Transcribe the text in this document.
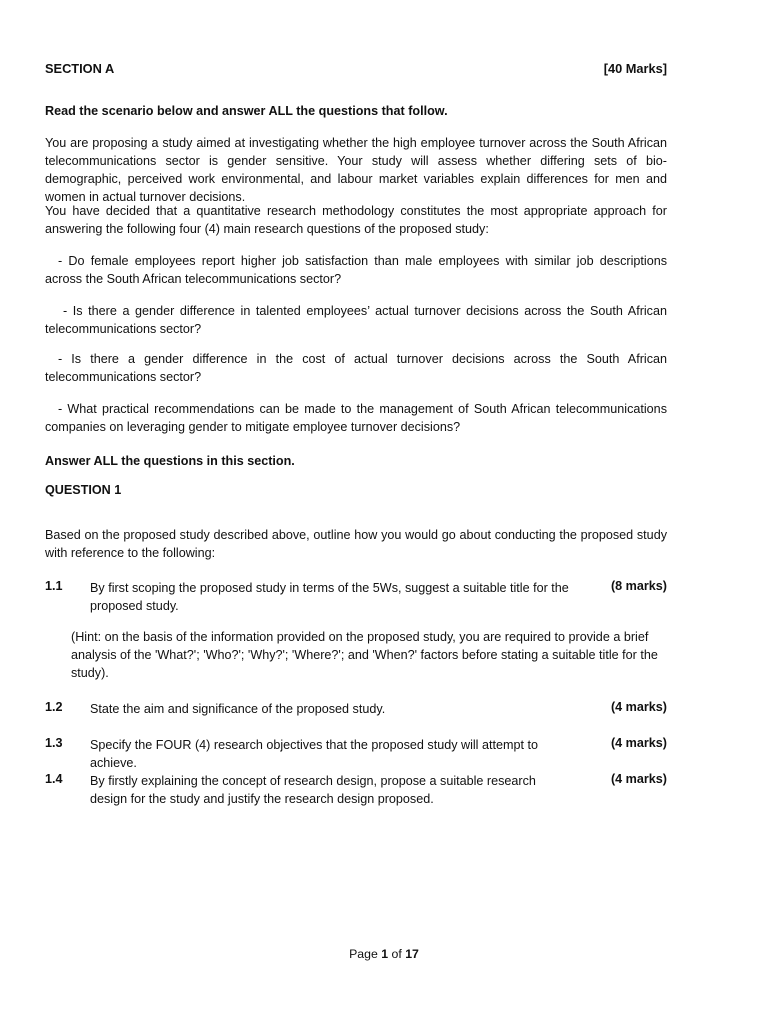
SECTION A	[40 Marks]

Read the scenario below and answer ALL the questions that follow.

You are proposing a study aimed at investigating whether the high employee turnover across the South African telecommunications sector is gender sensitive. Your study will assess whether differing sets of bio-demographic, perceived work environmental, and labour market variables explain differences for men and women in actual turnover decisions.

You have decided that a quantitative research methodology constitutes the most appropriate approach for answering the following four (4) main research questions of the proposed study:

- Do female employees report higher job satisfaction than male employees with similar job descriptions across the South African telecommunications sector?

- Is there a gender difference in talented employees’ actual turnover decisions across the South African telecommunications sector?

- Is there a gender difference in the cost of actual turnover decisions across the South African telecommunications sector?

- What practical recommendations can be made to the management of South African telecommunications companies on leveraging gender to mitigate employee turnover decisions?

Answer ALL the questions in this section.

QUESTION 1

Based on the proposed study described above, outline how you would go about conducting the proposed study with reference to the following:

1.1 By first scoping the proposed study in terms of the 5Ws, suggest a suitable title for the proposed study.
(8 marks)

(Hint: on the basis of the information provided on the proposed study, you are required to provide a brief analysis of the 'What?'; 'Who?'; 'Why?'; 'Where?'; and 'When?' factors before stating a suitable title for the study).

1.2 State the aim and significance of the proposed study.	(4 marks)
1.3 Specify the FOUR (4) research objectives that the proposed study will attempt to achieve.
(4 marks)
1.4 By firstly explaining the concept of research design, propose a suitable research design for the study and justify the research design proposed.
(4 marks)
Page 1 of 17
